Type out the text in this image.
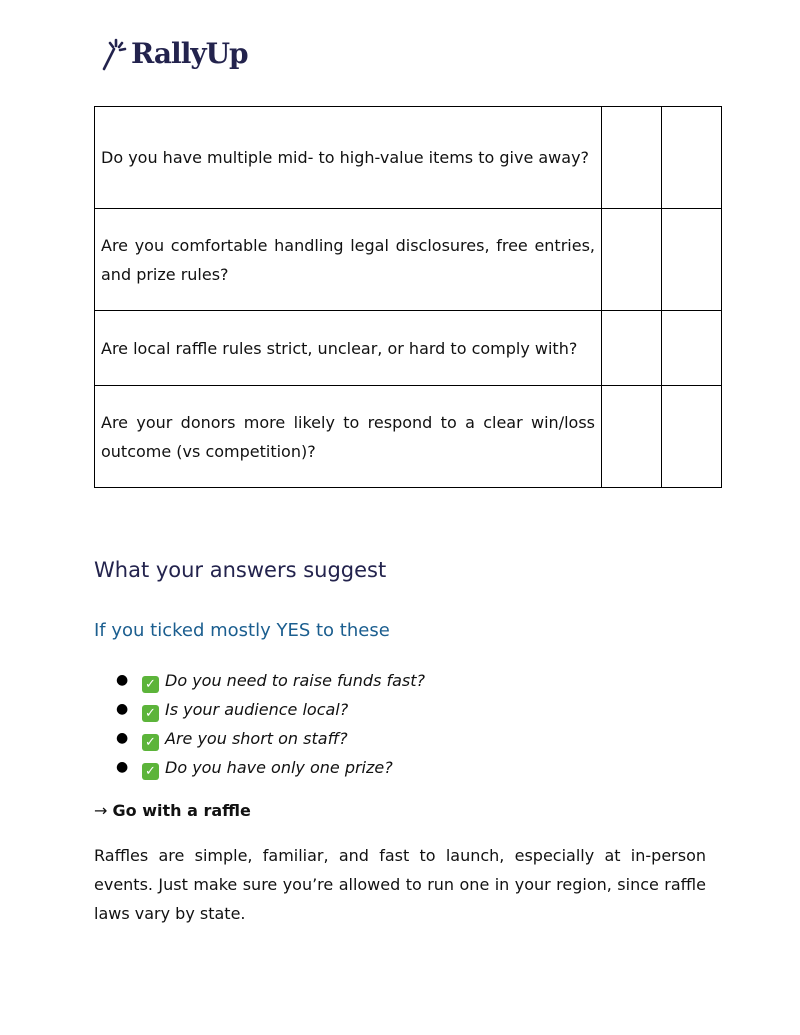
RallyUp
Do you have multiple mid- to high-value items to give away?		
Are you comfortable handling legal disclosures, free entries, and prize rules?		
Are local raffle rules strict, unclear, or hard to comply with?		
Are your donors more likely to respond to a clear win/loss outcome (vs competition)?		
What your answers suggest
If you ticked mostly YES to these
● ✓ Do you need to raise funds fast?
● ✓ Is your audience local?
● ✓ Are you short on staff?
● ✓ Do you have only one prize?

→ Go with a raffle

Raffles are simple, familiar, and fast to launch, especially at in-person events. Just make sure you’re allowed to run one in your region, since raffle laws vary by state.
